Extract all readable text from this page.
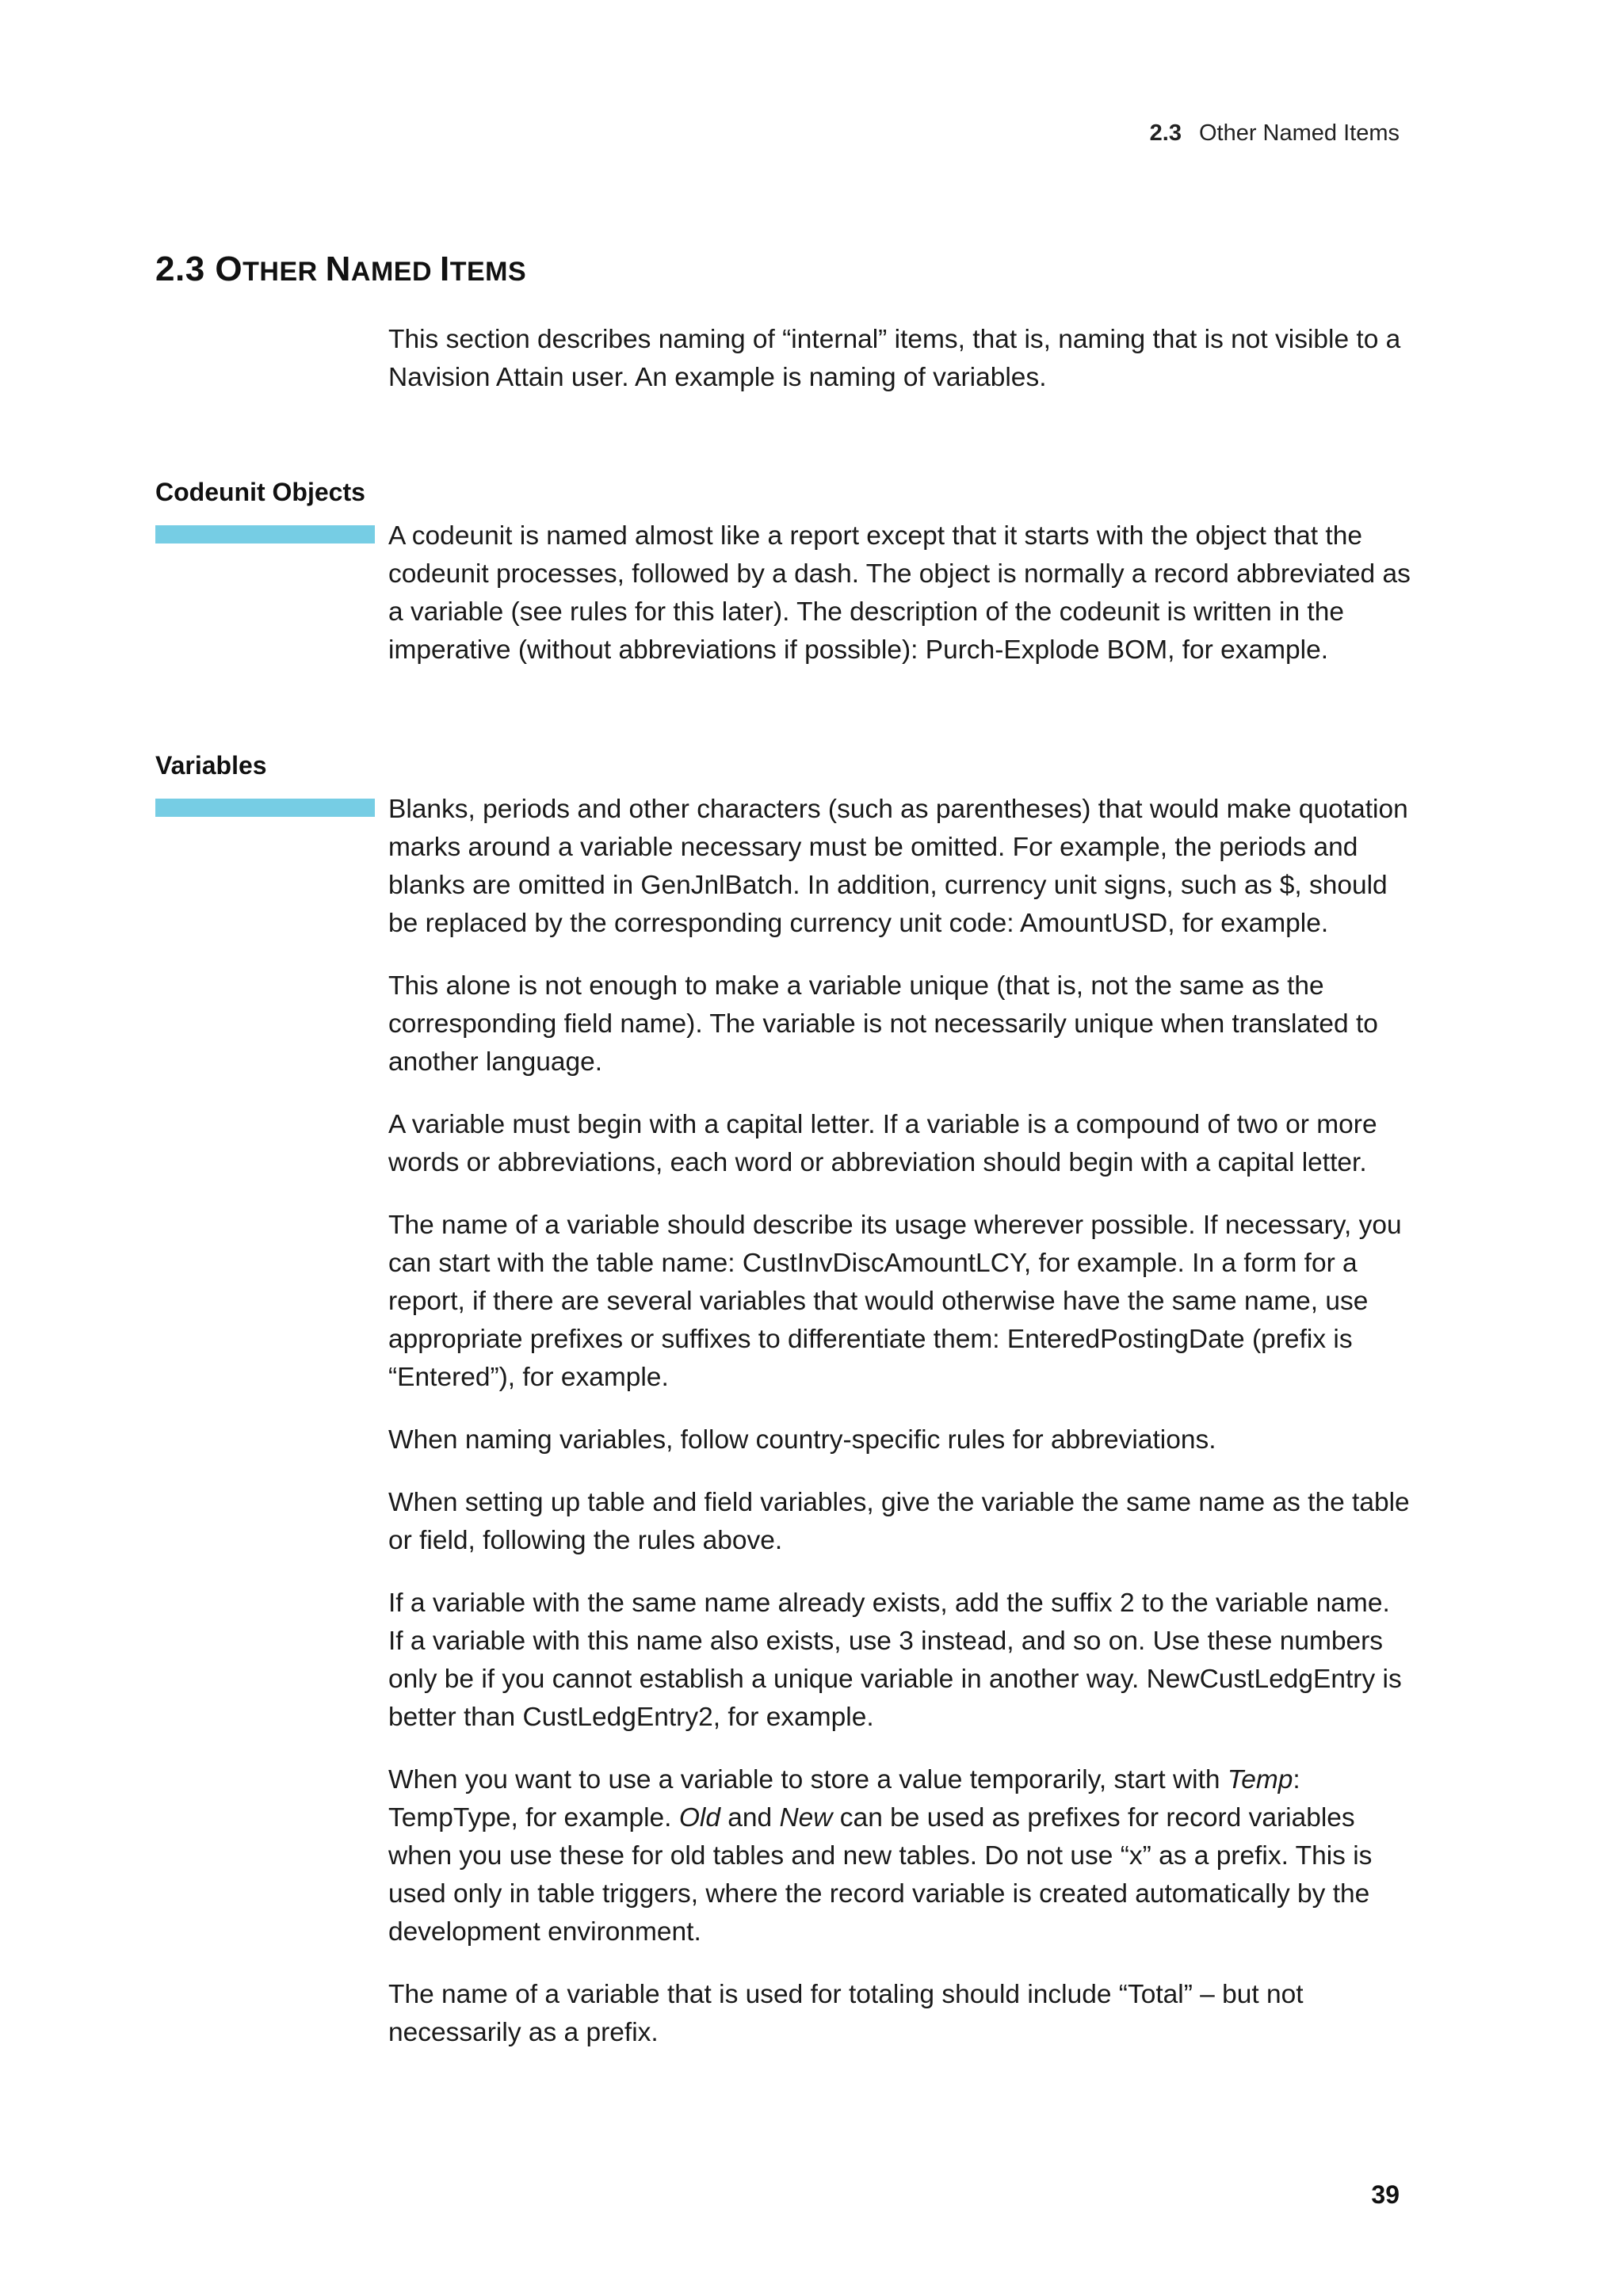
2.3 Other Named Items
2.3 OTHER NAMED ITEMS

This section describes naming of “internal” items, that is, naming that is not visible to a Navision Attain user. An example is naming of variables.

Codeunit Objects

A codeunit is named almost like a report except that it starts with the object that the codeunit processes, followed by a dash. The object is normally a record abbreviated as a variable (see rules for this later). The description of the codeunit is written in the imperative (without abbreviations if possible): Purch-Explode BOM, for example.

Variables

Blanks, periods and other characters (such as parentheses) that would make quotation marks around a variable necessary must be omitted. For example, the periods and blanks are omitted in GenJnlBatch. In addition, currency unit signs, such as $, should be replaced by the corresponding currency unit code: AmountUSD, for example.

This alone is not enough to make a variable unique (that is, not the same as the corresponding field name). The variable is not necessarily unique when translated to another language.

A variable must begin with a capital letter. If a variable is a compound of two or more words or abbreviations, each word or abbreviation should begin with a capital letter.

The name of a variable should describe its usage wherever possible. If necessary, you can start with the table name: CustInvDiscAmountLCY, for example. In a form for a report, if there are several variables that would otherwise have the same name, use appropriate prefixes or suffixes to differentiate them: EnteredPostingDate (prefix is “Entered”), for example.

When naming variables, follow country-specific rules for abbreviations.

When setting up table and field variables, give the variable the same name as the table or field, following the rules above.

If a variable with the same name already exists, add the suffix 2 to the variable name. If a variable with this name also exists, use 3 instead, and so on. Use these numbers only be if you cannot establish a unique variable in another way. NewCustLedgEntry is better than CustLedgEntry2, for example.

When you want to use a variable to store a value temporarily, start with Temp: TempType, for example. Old and New can be used as prefixes for record variables when you use these for old tables and new tables. Do not use “x” as a prefix. This is used only in table triggers, where the record variable is created automatically by the development environment.

The name of a variable that is used for totaling should include “Total” – but not necessarily as a prefix.

39
